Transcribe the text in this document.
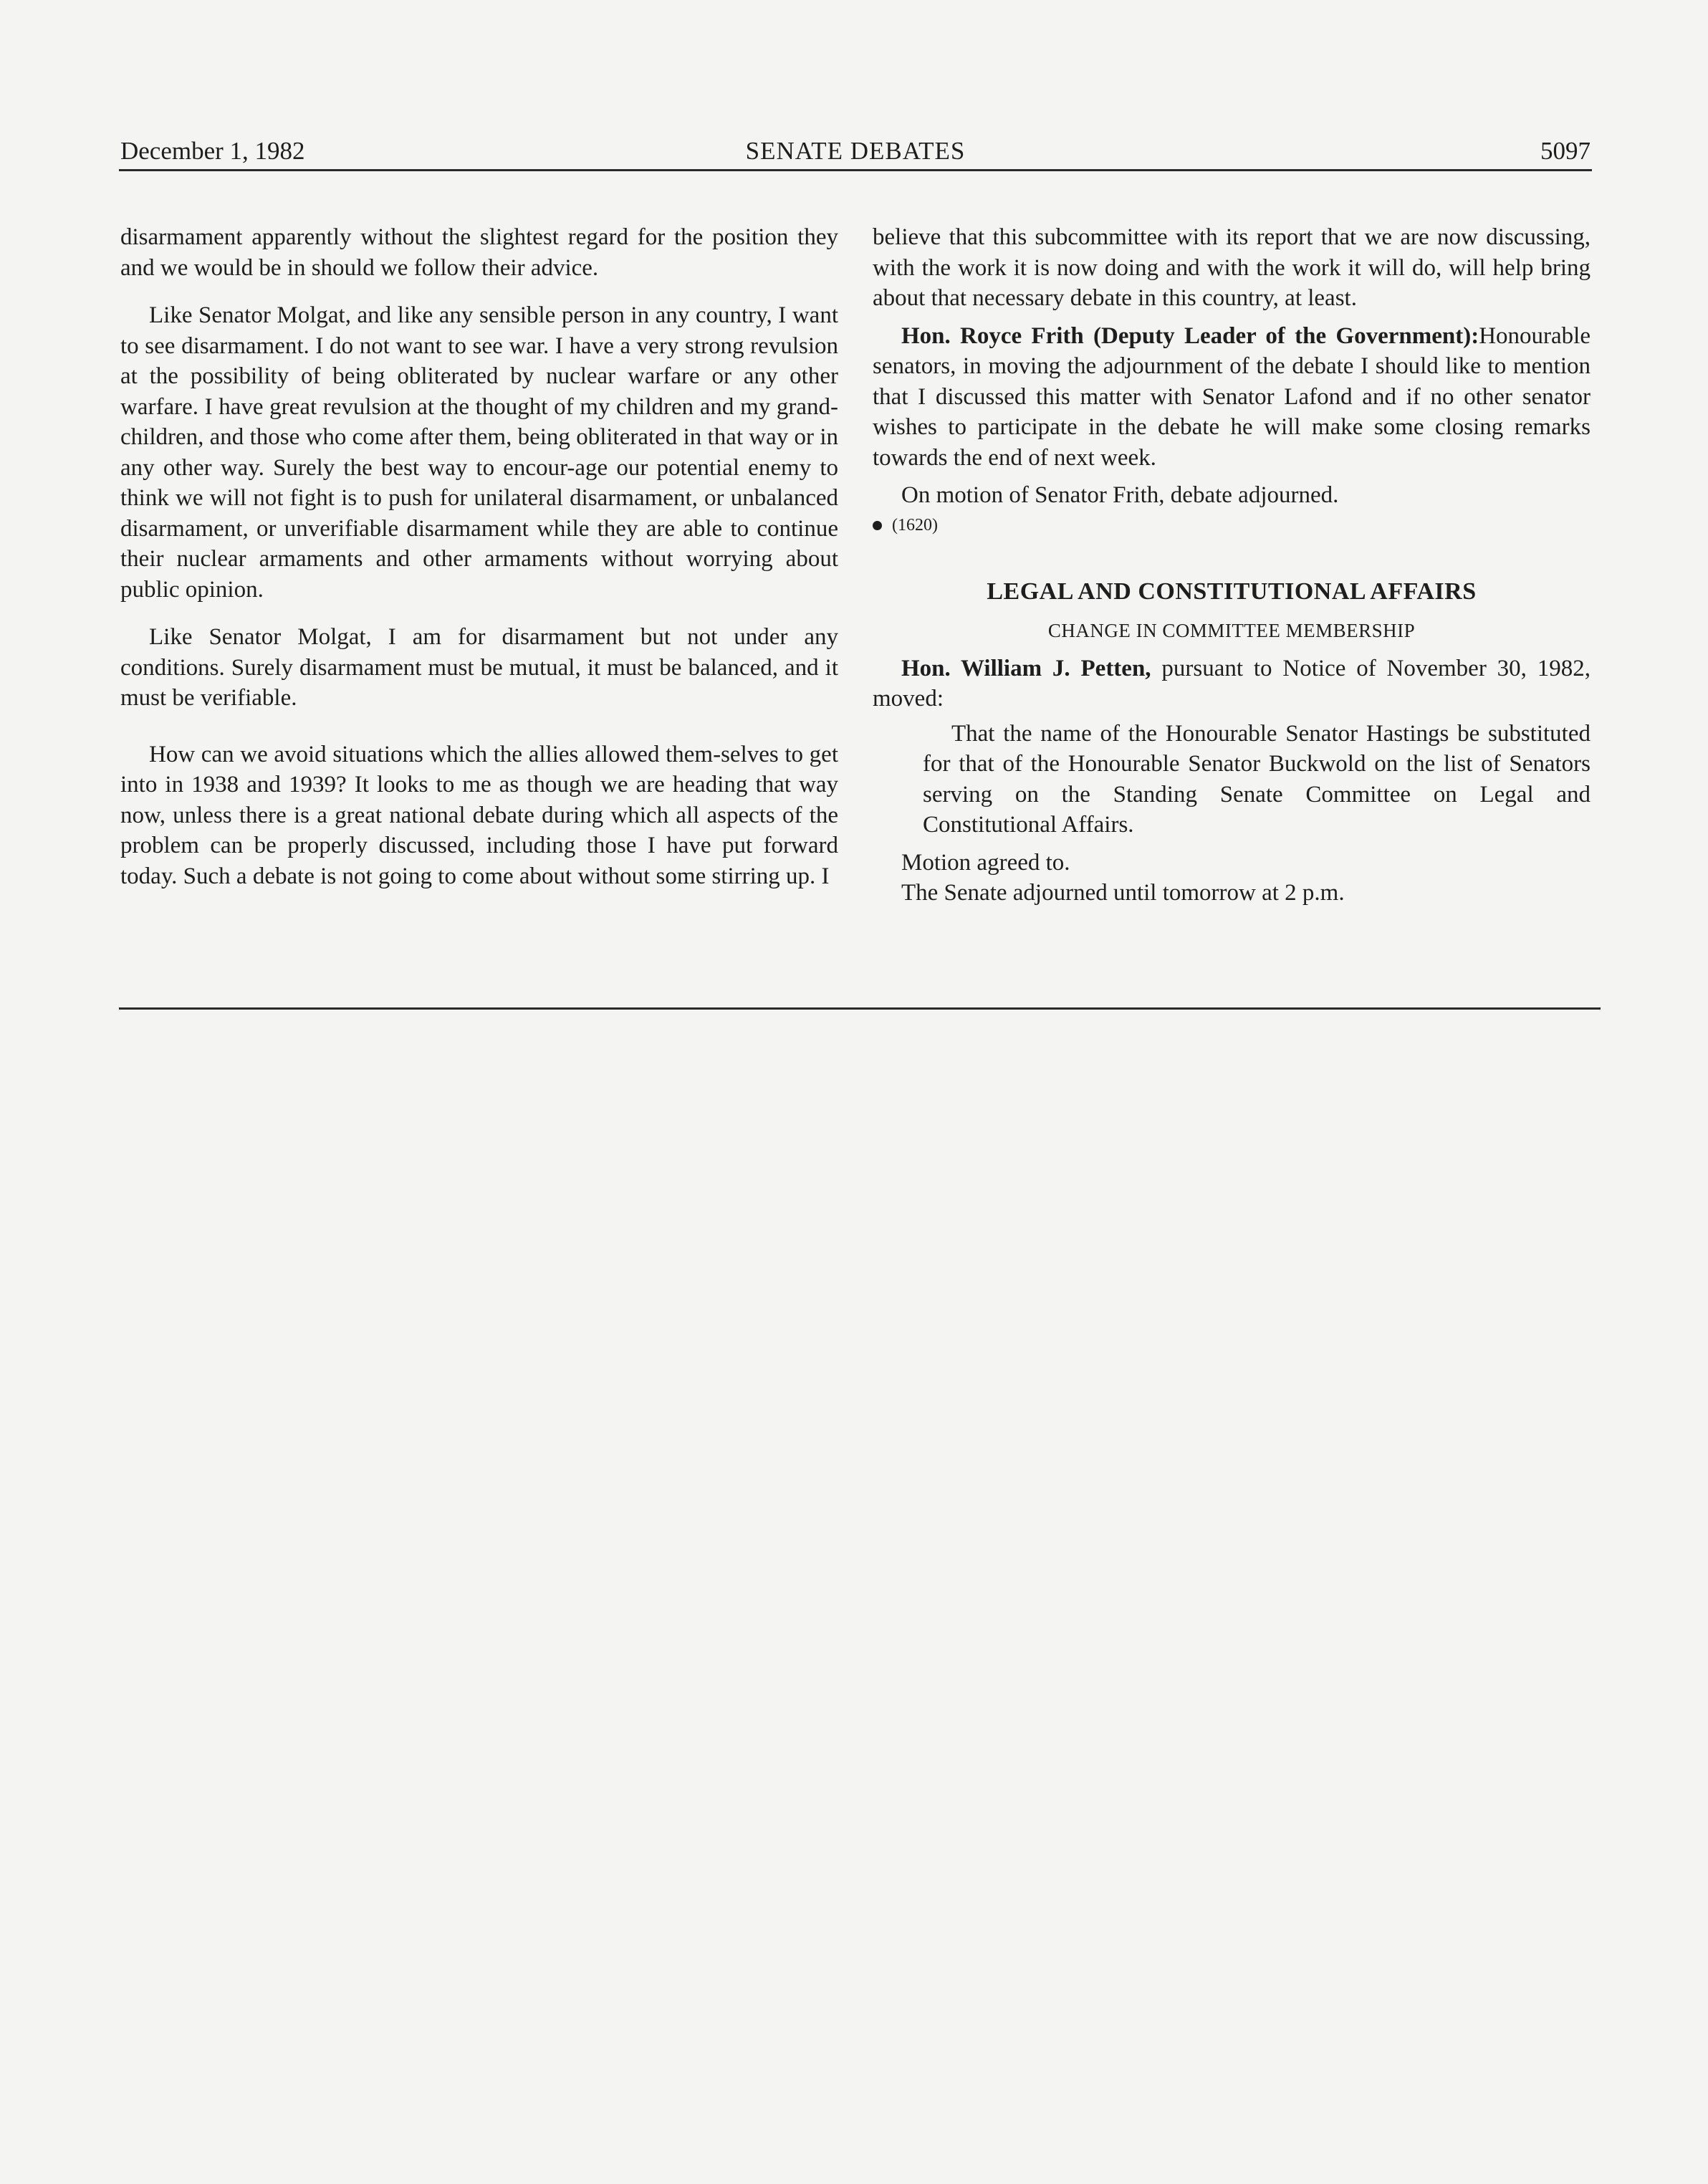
December 1, 1982	SENATE DEBATES	5097

disarmament apparently without the slightest regard for the position they and we would be in should we follow their advice.

Like Senator Molgat, and like any sensible person in any country, I want to see disarmament. I do not want to see war. I have a very strong revulsion at the possibility of being obliterated by nuclear warfare or any other warfare. I have great revulsion at the thought of my children and my grand-children, and those who come after them, being obliterated in that way or in any other way. Surely the best way to encour-age our potential enemy to think we will not fight is to push for unilateral disarmament, or unbalanced disarmament, or unverifiable disarmament while they are able to continue their nuclear armaments and other armaments without worrying about public opinion.

Like Senator Molgat, I am for disarmament but not under any conditions. Surely disarmament must be mutual, it must be balanced, and it must be verifiable.

How can we avoid situations which the allies allowed them-selves to get into in 1938 and 1939? It looks to me as though we are heading that way now, unless there is a great national debate during which all aspects of the problem can be properly discussed, including those I have put forward today. Such a debate is not going to come about without some stirring up. I

believe that this subcommittee with its report that we are now discussing, with the work it is now doing and with the work it will do, will help bring about that necessary debate in this country, at least.

Hon. Royce Frith (Deputy Leader of the Government):Honourable senators, in moving the adjournment of the debate I should like to mention that I discussed this matter with Senator Lafond and if no other senator wishes to participate in the debate he will make some closing remarks towards the end of next week.

On motion of Senator Frith, debate adjourned.

(1620)

LEGAL AND CONSTITUTIONAL AFFAIRS

CHANGE IN COMMITTEE MEMBERSHIP

Hon. William J. Petten, pursuant to Notice of November 30, 1982, moved:

That the name of the Honourable Senator Hastings be substituted for that of the Honourable Senator Buckwold on the list of Senators serving on the Standing Senate Committee on Legal and Constitutional Affairs.

Motion agreed to.

The Senate adjourned until tomorrow at 2 p.m.
